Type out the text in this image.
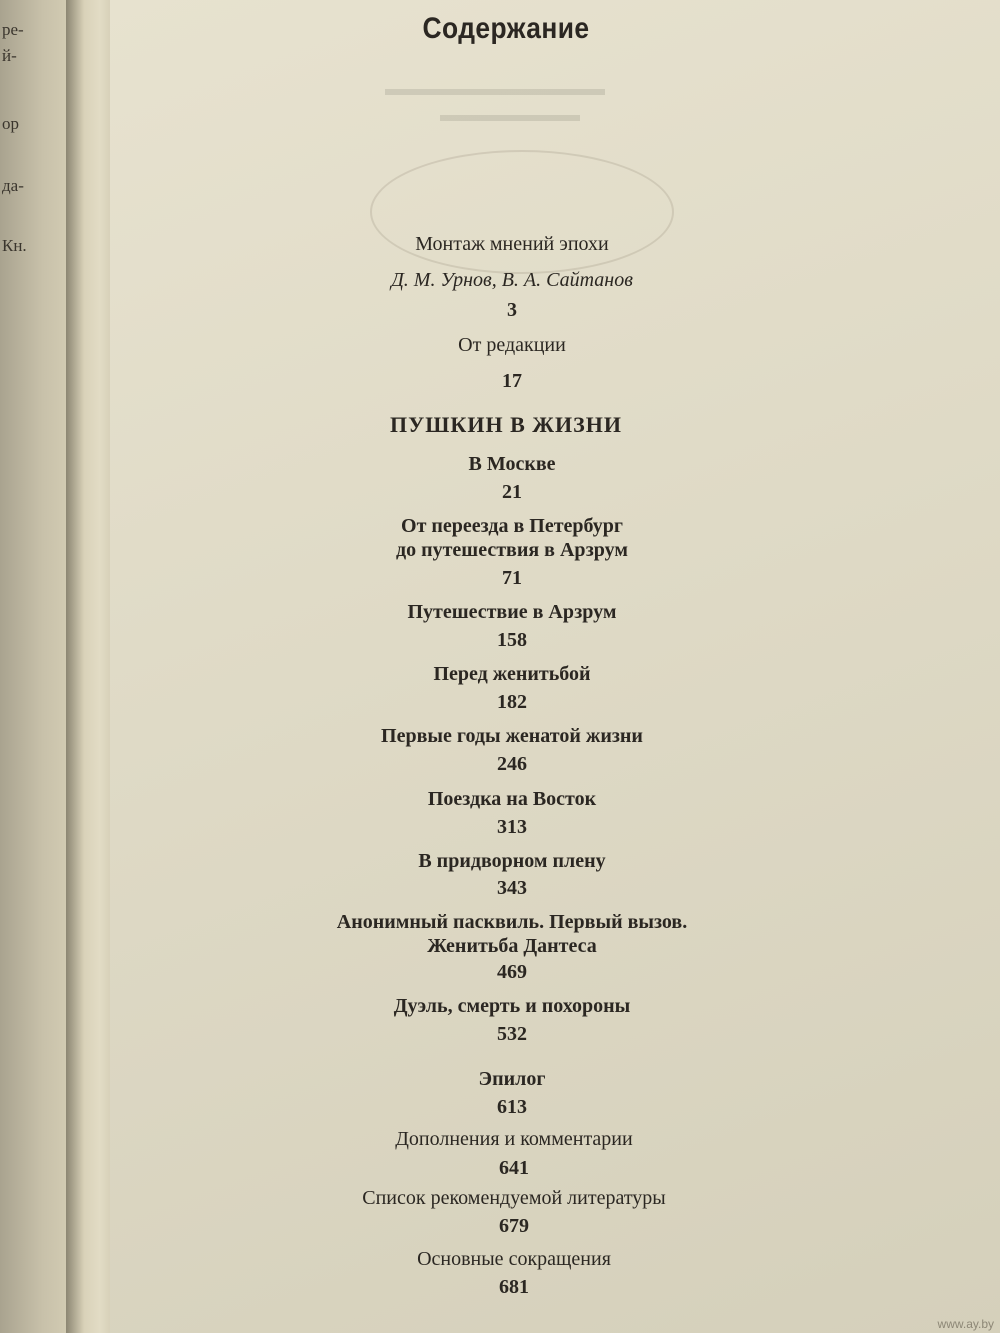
ре-
й-
ор
да-
Кн.
▬▬▬▬▬▬▬▬▬▬▬
▬▬▬▬▬▬▬
Содержание
Монтаж мнений эпохи
Д. М. Урнов, В. А. Сайтанов
3
От редакции
17
ПУШКИН В ЖИЗНИ
В Москве
21
От переезда в Петербург
до путешествия в Арзрум
71
Путешествие в Арзрум
158
Перед женитьбой
182
Первые годы женатой жизни
246
Поездка на Восток
313
В придворном плену
343
Анонимный пасквиль. Первый вызов.
Женитьба Дантеса
469
Дуэль, смерть и похороны
532
Эпилог
613
Дополнения и комментарии
641
Список рекомендуемой литературы
679
Основные сокращения
681
www.ay.by
